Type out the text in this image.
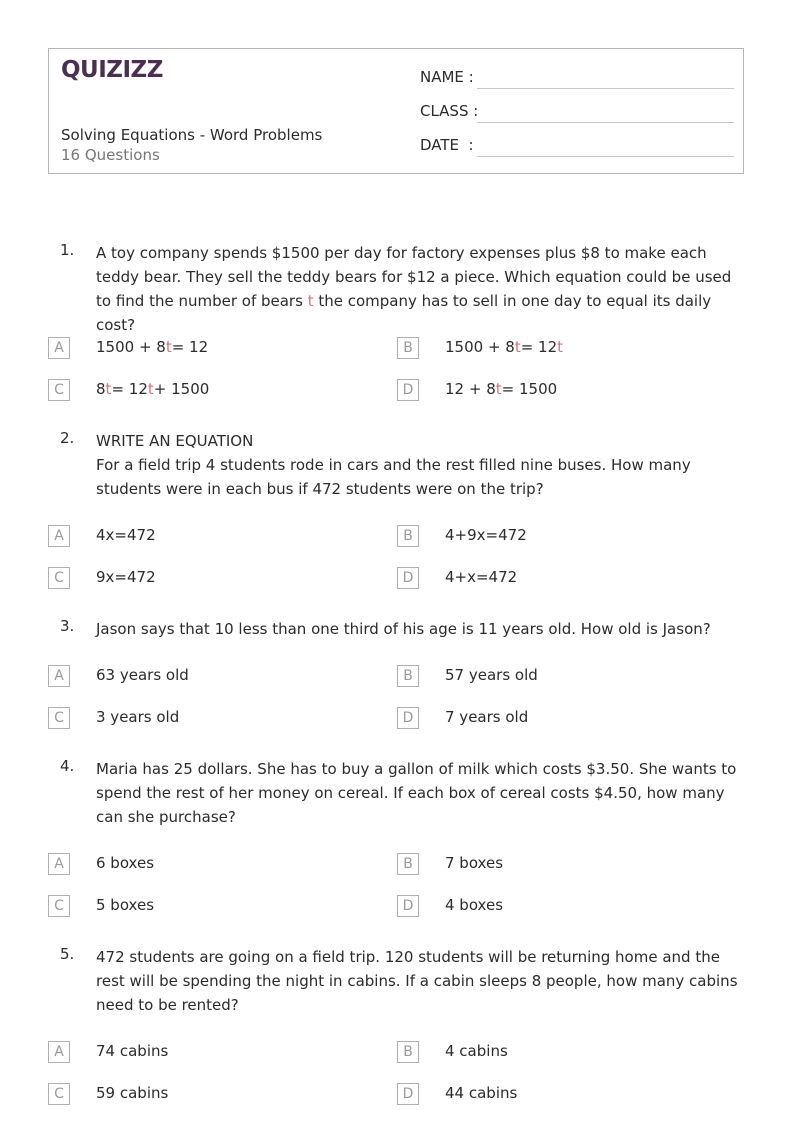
QUIZIZZ
Solving Equations - Word Problems
16 Questions
NAME :
CLASS :
DATE  :
1. A toy company spends $1500 per day for factory expenses plus $8 to make each teddy bear. They sell the teddy bears for $12 a piece. Which equation could be used to find the number of bears t the company has to sell in one day to equal its daily cost?
A	1500 + 8t= 12	B	1500 + 8t= 12t
C	8t= 12t+ 1500	D	12 + 8t= 1500
2. WRITE AN EQUATION
For a field trip 4 students rode in cars and the rest filled nine buses. How many students were in each bus if 472 students were on the trip?
A	4x=472	B	4+9x=472
C	9x=472	D	4+x=472
3. Jason says that 10 less than one third of his age is 11 years old. How old is Jason?
A	63 years old	B	57 years old
C	3 years old	D	7 years old
4. Maria has 25 dollars. She has to buy a gallon of milk which costs $3.50. She wants to spend the rest of her money on cereal. If each box of cereal costs $4.50, how many can she purchase?
A	6 boxes	B	7 boxes
C	5 boxes	D	4 boxes
5. 472 students are going on a field trip. 120 students will be returning home and the rest will be spending the night in cabins. If a cabin sleeps 8 people, how many cabins need to be rented?
A	74 cabins	B	4 cabins
C	59 cabins	D	44 cabins
